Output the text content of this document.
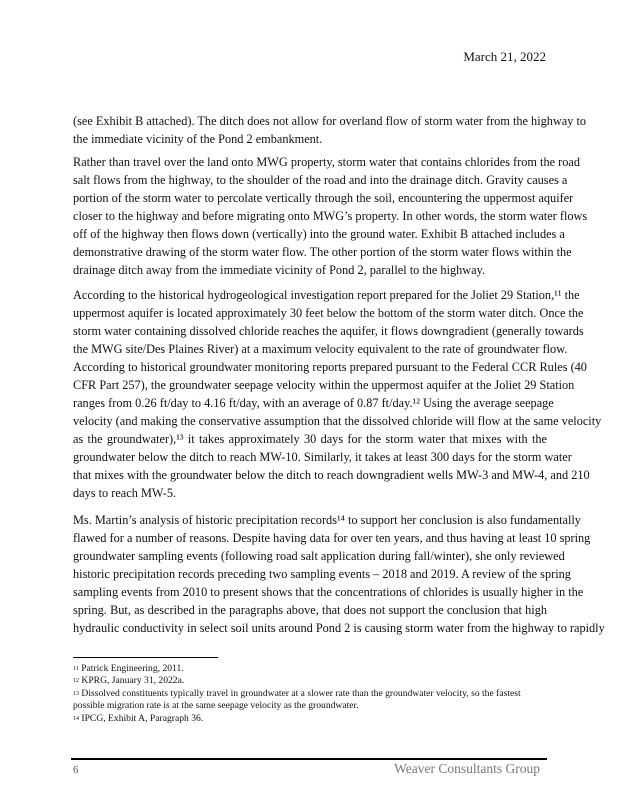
March 21, 2022
(see Exhibit B attached). The ditch does not allow for overland flow of storm water from the highway to
the immediate vicinity of the Pond 2 embankment.
Rather than travel over the land onto MWG property, storm water that contains chlorides from the road
salt flows from the highway, to the shoulder of the road and into the drainage ditch. Gravity causes a
portion of the storm water to percolate vertically through the soil, encountering the uppermost aquifer
closer to the highway and before migrating onto MWG’s property. In other words, the storm water flows
off of the highway then flows down (vertically) into the ground water. Exhibit B attached includes a
demonstrative drawing of the storm water flow. The other portion of the storm water flows within the
drainage ditch away from the immediate vicinity of Pond 2, parallel to the highway.
According to the historical hydrogeological investigation report prepared for the Joliet 29 Station,¹¹ the
uppermost aquifer is located approximately 30 feet below the bottom of the storm water ditch. Once the
storm water containing dissolved chloride reaches the aquifer, it flows downgradient (generally towards
the MWG site/Des Plaines River) at a maximum velocity equivalent to the rate of groundwater flow.
According to historical groundwater monitoring reports prepared pursuant to the Federal CCR Rules (40
CFR Part 257), the groundwater seepage velocity within the uppermost aquifer at the Joliet 29 Station
ranges from 0.26 ft/day to 4.16 ft/day, with an average of 0.87 ft/day.¹² Using the average seepage
velocity (and making the conservative assumption that the dissolved chloride will flow at the same velocity
as the groundwater),¹³ it takes approximately 30 days for the storm water that mixes with the
groundwater below the ditch to reach MW-10. Similarly, it takes at least 300 days for the storm water
that mixes with the groundwater below the ditch to reach downgradient wells MW-3 and MW-4, and 210
days to reach MW-5.
Ms. Martin’s analysis of historic precipitation records¹⁴ to support her conclusion is also fundamentally
flawed for a number of reasons. Despite having data for over ten years, and thus having at least 10 spring
groundwater sampling events (following road salt application during fall/winter), she only reviewed
historic precipitation records preceding two sampling events – 2018 and 2019. A review of the spring
sampling events from 2010 to present shows that the concentrations of chlorides is usually higher in the
spring. But, as described in the paragraphs above, that does not support the conclusion that high
hydraulic conductivity in select soil units around Pond 2 is causing storm water from the highway to rapidly
$^{11}$ Patrick Engineering, 2011.
$^{12}$ KPRG, January 31, 2022a.
$^{13}$ Dissolved constituents typically travel in groundwater at a slower rate than the groundwater velocity, so the fastest possible migration rate is at the same seepage velocity as the groundwater.
$^{14}$ IPCG, Exhibit A, Paragraph 36.
6	Weaver Consultants Group
